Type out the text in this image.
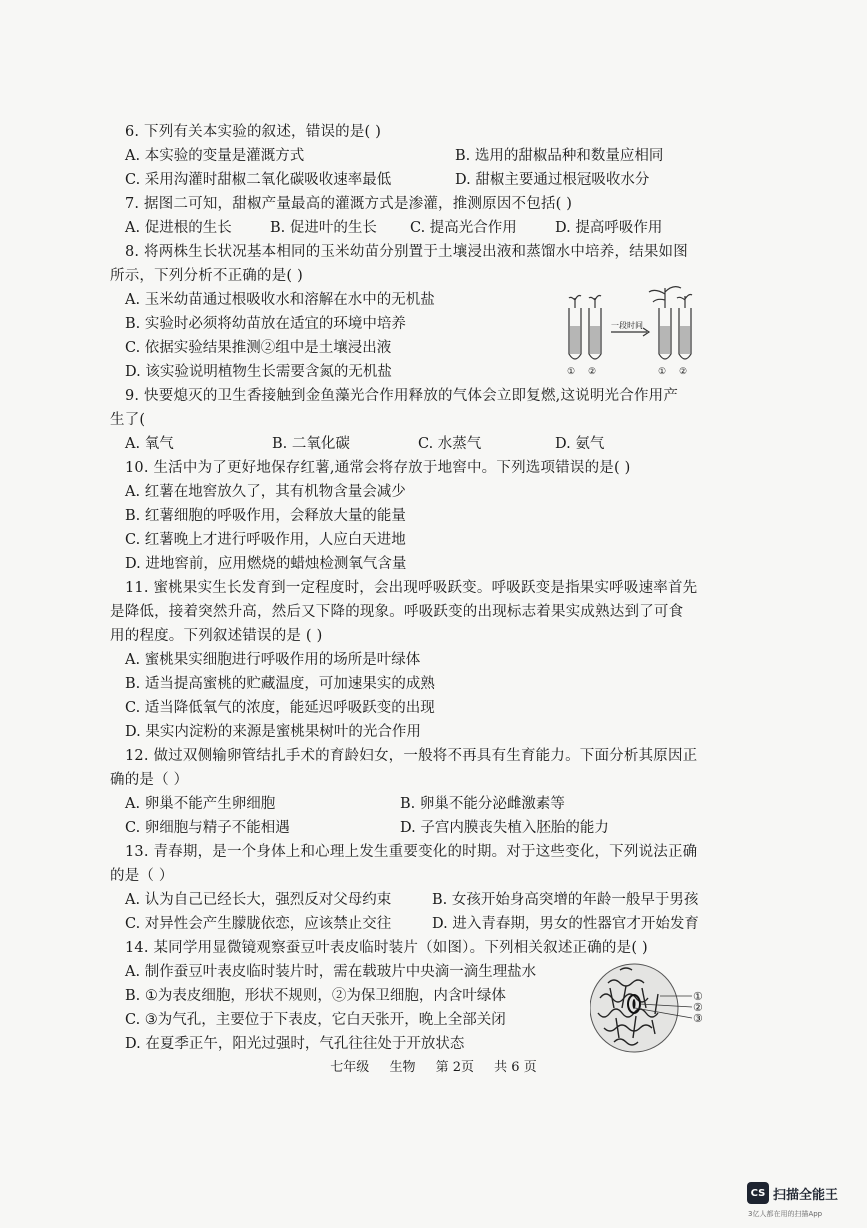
6. 下列有关本实验的叙述，错误的是( )
A. 本实验的变量是灌溉方式	B. 选用的甜椒品种和数量应相同
C. 采用沟灌时甜椒二氧化碳吸收速率最低	D. 甜椒主要通过根冠吸收水分
7. 据图二可知，甜椒产量最高的灌溉方式是渗灌，推测原因不包括( )
A. 促进根的生长	B. 促进叶的生长 C. 提高光合作用	D. 提高呼吸作用
8. 将两株生长状况基本相同的玉米幼苗分别置于土壤浸出液和蒸馏水中培养，结果如图
所示，下列分析不正确的是( )
A. 玉米幼苗通过根吸收水和溶解在水中的无机盐
B. 实验时必须将幼苗放在适宜的环境中培养
C. 依据实验结果推测②组中是土壤浸出液
D. 该实验说明植物生长需要含氮的无机盐
一段时间
① ②	① ②
9. 快要熄灭的卫生香接触到金鱼藻光合作用释放的气体会立即复燃,这说明光合作用产
生了(
A. 氧气	B. 二氧化碳	C. 水蒸气	D. 氨气
10. 生活中为了更好地保存红薯,通常会将存放于地窖中。下列选项错误的是( )
A. 红薯在地窖放久了，其有机物含量会减少
B. 红薯细胞的呼吸作用，会释放大量的能量
C. 红薯晚上才进行呼吸作用，人应白天进地
D. 进地窖前，应用燃烧的蜡烛检测氧气含量
11. 蜜桃果实生长发育到一定程度时，会出现呼吸跃变。呼吸跃变是指果实呼吸速率首先
是降低，接着突然升高，然后又下降的现象。呼吸跃变的出现标志着果实成熟达到了可食
用的程度。下列叙述错误的是 ( )
A. 蜜桃果实细胞进行呼吸作用的场所是叶绿体
B. 适当提高蜜桃的贮藏温度，可加速果实的成熟
C. 适当降低氧气的浓度，能延迟呼吸跃变的出现
D. 果实内淀粉的来源是蜜桃果树叶的光合作用
12. 做过双侧输卵管结扎手术的育龄妇女，一般将不再具有生育能力。下面分析其原因正
确的是（ ）
A. 卵巢不能产生卵细胞	B. 卵巢不能分泌雌激素等
C. 卵细胞与精子不能相遇	D. 子宫内膜丧失植入胚胎的能力
13. 青春期，是一个身体上和心理上发生重要变化的时期。对于这些变化，下列说法正确
的是（ ）
A. 认为自己已经长大，强烈反对父母约束	B. 女孩开始身高突增的年龄一般早于男孩
C. 对异性会产生朦胧依恋，应该禁止交往	D. 进入青春期，男女的性器官才开始发育
14. 某同学用显微镜观察蚕豆叶表皮临时装片（如图）。下列相关叙述正确的是( )
A. 制作蚕豆叶表皮临时装片时，需在载玻片中央滴一滴生理盐水
B. ①为表皮细胞，形状不规则，②为保卫细胞，内含叶绿体
C. ③为气孔，主要位于下表皮，它白天张开，晚上全部关闭
D. 在夏季正午，阳光过强时，气孔往往处于开放状态
①
②
③
七年级 生物 第 2页 共 6 页
CS 扫描全能王
3亿人都在用的扫描App
